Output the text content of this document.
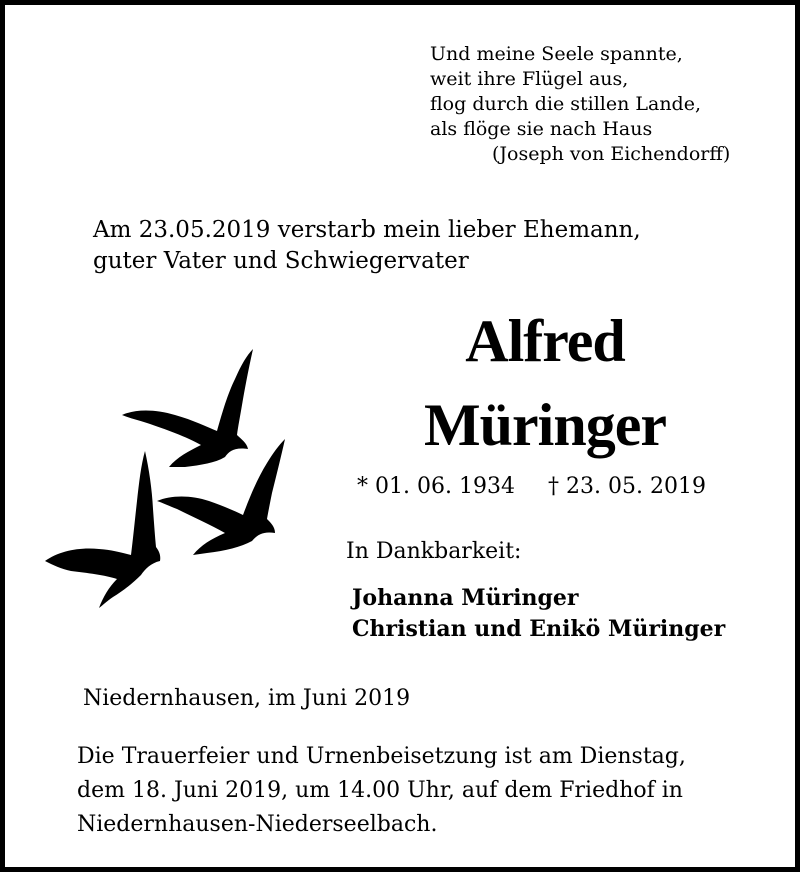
Und meine Seele spannte,
weit ihre Flügel aus,
flog durch die stillen Lande,
als flöge sie nach Haus
(Joseph von Eichendorff)
Am 23.05.2019 verstarb mein lieber Ehemann,
guter Vater und Schwiegervater
Alfred
Müringer
* 01. 06. 1934 † 23. 05. 2019
In Dankbarkeit:
Johanna Müringer
Christian und Enikö Müringer
Niedernhausen, im Juni 2019
Die Trauerfeier und Urnenbeisetzung ist am Dienstag,
dem 18. Juni 2019, um 14.00 Uhr, auf dem Friedhof in
Niedernhausen-Niederseelbach.
